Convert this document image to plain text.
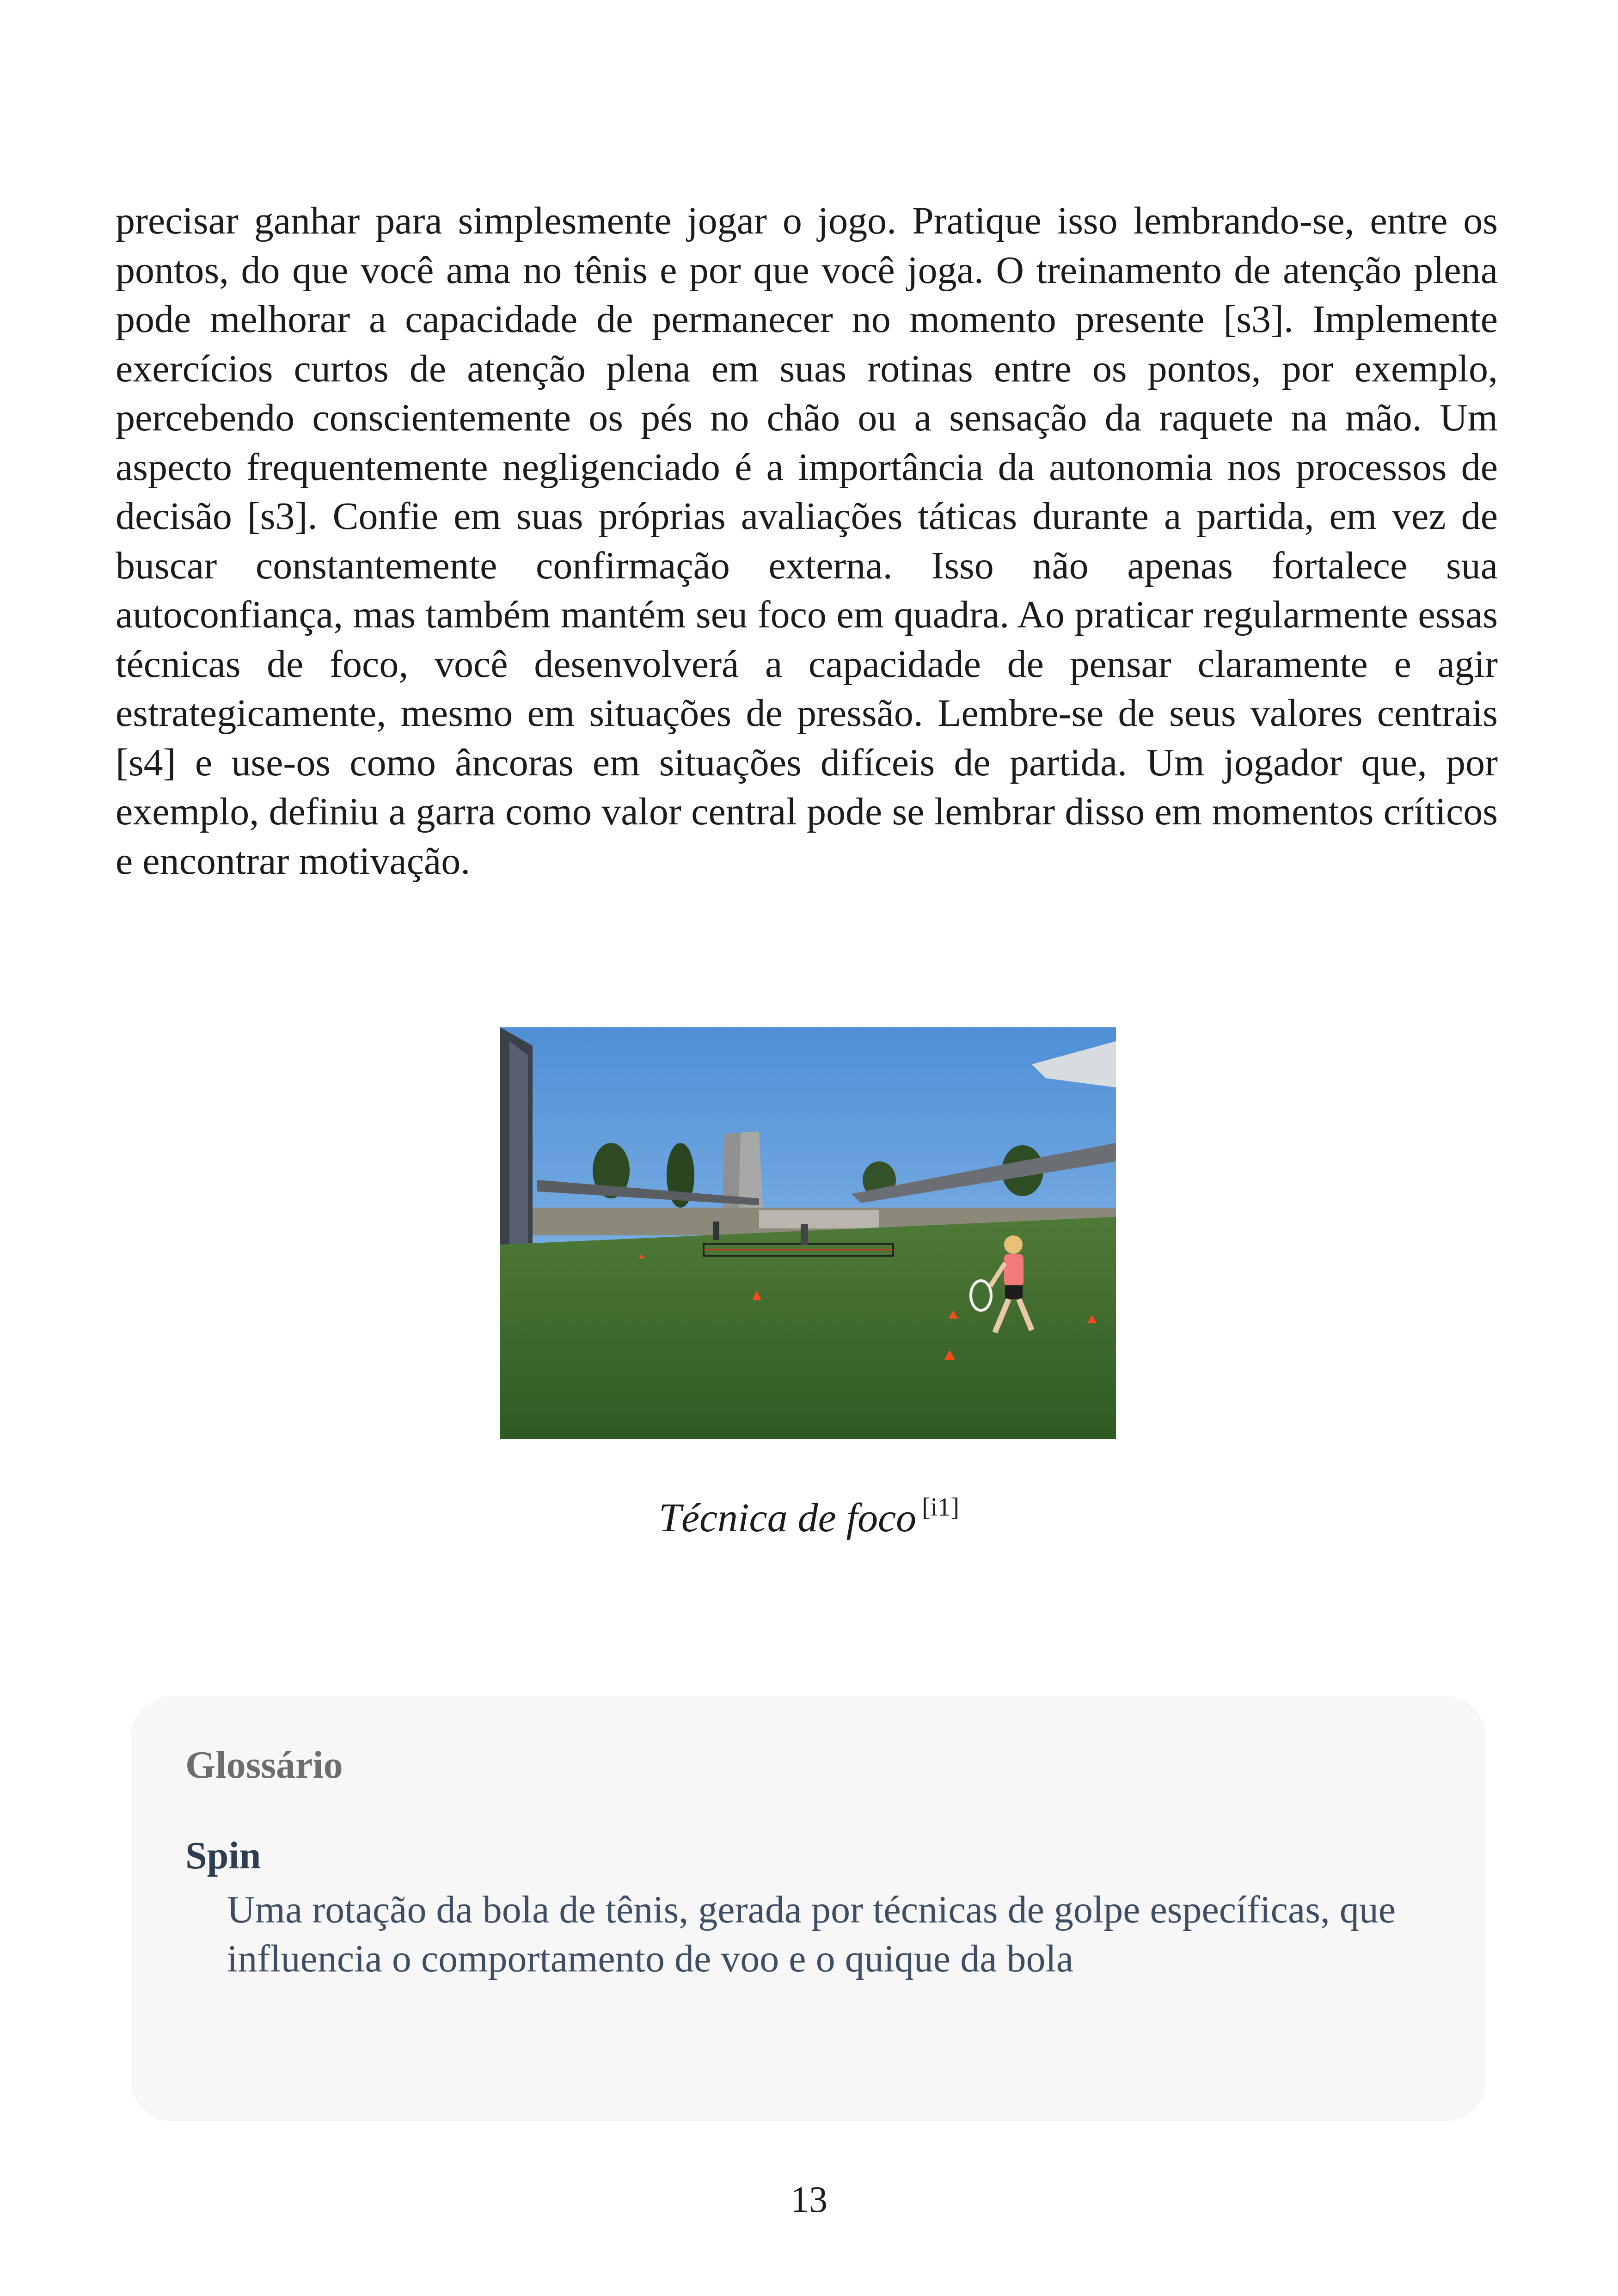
precisar ganhar para simplesmente jogar o jogo. Pratique isso lembrando-se, entre os pontos, do que você ama no tênis e por que você joga. O treinamento de atenção plena pode melhorar a capacidade de permanecer no momento presente [s3]. Implemente exercícios curtos de atenção plena em suas rotinas entre os pontos, por exemplo, percebendo conscientemente os pés no chão ou a sensação da raquete na mão. Um aspecto frequentemente negligenciado é a importância da autonomia nos processos de decisão [s3]. Confie em suas próprias avaliações táticas durante a partida, em vez de buscar constantemente confirmação externa. Isso não apenas fortalece sua autoconfiança, mas também mantém seu foco em quadra. Ao praticar regularmente essas técnicas de foco, você desenvolverá a capacidade de pensar claramente e agir estrategicamente, mesmo em situações de pressão. Lembre-se de seus valores centrais [s4] e use-os como âncoras em situações difíceis de partida. Um jogador que, por exemplo, definiu a garra como valor central pode se lembrar disso em momentos críticos e encontrar motivação.

Técnica de foco [i1]

Glossário

Spin

Uma rotação da bola de tênis, gerada por técnicas de golpe específicas, que influencia o comportamento de voo e o quique da bola

13
